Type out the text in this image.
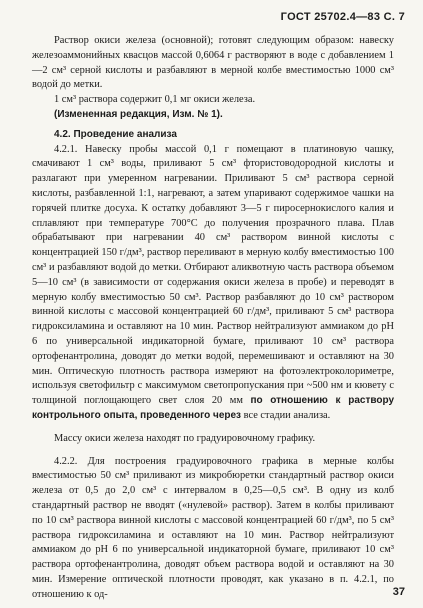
ГОСТ 25702.4—83 С. 7

Раствор окиси железа (основной); готовят следующим образом: навеску железоаммонийных квасцов массой 0,6064 г растворяют в воде с добавлением 1—2 см³ серной кислоты и разбавляют в мерной колбе вместимостью 1000 см³ водой до метки.

1 см³ раствора содержит 0,1 мг окиси железа.

(Измененная редакция, Изм. № 1).

4.2. Проведение анализа

4.2.1. Навеску пробы массой 0,1 г помещают в платиновую чашку, смачивают 1 см³ воды, приливают 5 см³ фтористоводородной кислоты и разлагают при умеренном нагревании. Приливают 5 см³ раствора серной кислоты, разбавленной 1:1, нагревают, а затем упаривают содержимое чашки на горячей плитке досуха. К остатку добавляют 3—5 г пиросернокислого калия и сплавляют при температуре 700°С до получения прозрачного плава. Плав обрабатывают при нагревании 40 см³ раствором винной кислоты с концентрацией 150 г/дм³, раствор переливают в мерную колбу вместимостью 100 см³ и разбавляют водой до метки. Отбирают аликвотную часть раствора объемом 5—10 см³ (в зависимости от содержания окиси железа в пробе) и переводят в мерную колбу вместимостью 50 см³. Раствор разбавляют до 10 см³ раствором винной кислоты с массовой концентрацией 60 г/дм³, приливают 5 см³ раствора гидроксиламина и оставляют на 10 мин. Раствор нейтрализуют аммиаком до рН 6 по универсальной индикаторной бумаге, приливают 10 см³ раствора ортофенантролина, доводят до метки водой, перемешивают и оставляют на 30 мин. Оптическую плотность раствора измеряют на фотоэлектроколориметре, используя светофильтр с максимумом светопропускания при ~500 нм и кювету с толщиной поглощающего свет слоя 20 мм по отношению к раствору контрольного опыта, проведенного через все стадии анализа.

Массу окиси железа находят по градуировочному графику.

4.2.2. Для построения градуировочного графика в мерные колбы вместимостью 50 см³ приливают из микробюретки стандартный раствор окиси железа от 0,5 до 2,0 см³ с интервалом в 0,25—0,5 см³. В одну из колб стандартный раствор не вводят («нулевой» раствор). Затем в колбы приливают по 10 см³ раствора винной кислоты с массовой концентрацией 60 г/дм³, по 5 см³ раствора гидроксиламина и оставляют на 10 мин. Раствор нейтрализуют аммиаком до рН 6 по универсальной индикаторной бумаге, приливают 10 см³ раствора ортофенантролина, доводят объем раствора водой и оставляют на 30 мин. Измерение оптической плотности проводят, как указано в п. 4.2.1, по отношению к од-	37
